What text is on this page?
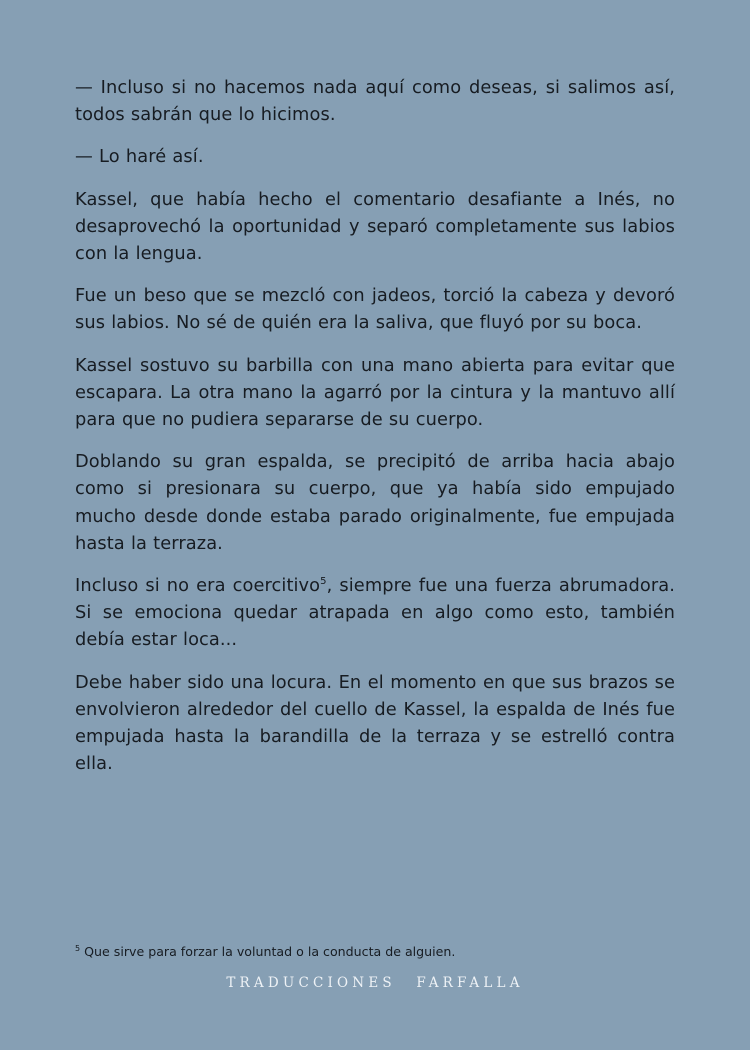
— Incluso si no hacemos nada aquí como deseas, si salimos así, todos sabrán que lo hicimos.

— Lo haré así.

Kassel, que había hecho el comentario desafiante a Inés, no desaprovechó la oportunidad y separó completamente sus labios con la lengua.

Fue un beso que se mezcló con jadeos, torció la cabeza y devoró sus labios. No sé de quién era la saliva, que fluyó por su boca.

Kassel sostuvo su barbilla con una mano abierta para evitar que escapara. La otra mano la agarró por la cintura y la mantuvo allí para que no pudiera separarse de su cuerpo.

Doblando su gran espalda, se precipitó de arriba hacia abajo como si presionara su cuerpo, que ya había sido empujado mucho desde donde estaba parado originalmente, fue empujada hasta la terraza.

Incluso si no era coercitivo$^5$, siempre fue una fuerza abrumadora. Si se emociona quedar atrapada en algo como esto, también debía estar loca...

Debe haber sido una locura. En el momento en que sus brazos se envolvieron alrededor del cuello de Kassel, la espalda de Inés fue empujada hasta la barandilla de la terraza y se estrelló contra ella.

$^5$ Que sirve para forzar la voluntad o la conducta de alguien.
TRADUCCIONES FARFALLA
